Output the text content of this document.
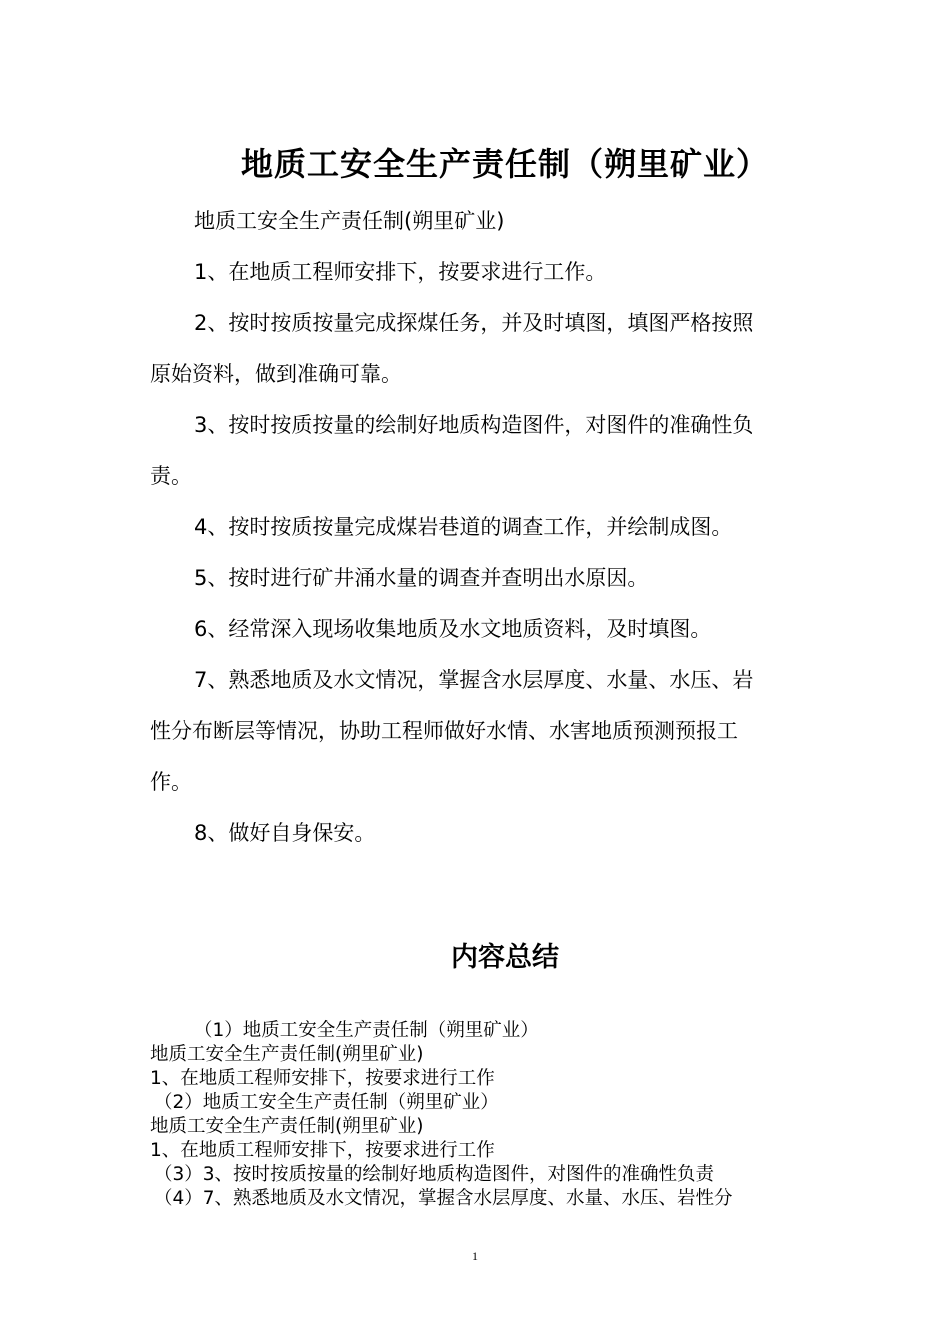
地质工安全生产责任制（朔里矿业）

地质工安全生产责任制(朔里矿业)

1、在地质工程师安排下，按要求进行工作。

2、按时按质按量完成探煤任务，并及时填图，填图严格按照

原始资料，做到准确可靠。

3、按时按质按量的绘制好地质构造图件，对图件的准确性负

责。

4、按时按质按量完成煤岩巷道的调查工作，并绘制成图。

5、按时进行矿井涌水量的调查并查明出水原因。

6、经常深入现场收集地质及水文地质资料，及时填图。

7、熟悉地质及水文情况，掌握含水层厚度、水量、水压、岩

性分布断层等情况，协助工程师做好水情、水害地质预测预报工

作。

8、做好自身保安。

内容总结

（1）地质工安全生产责任制（朔里矿业）

地质工安全生产责任制(朔里矿业)

1、在地质工程师安排下，按要求进行工作

（2）地质工安全生产责任制（朔里矿业）

地质工安全生产责任制(朔里矿业)

1、在地质工程师安排下，按要求进行工作

（3）3、按时按质按量的绘制好地质构造图件，对图件的准确性负责

（4）7、熟悉地质及水文情况，掌握含水层厚度、水量、水压、岩性分

1
